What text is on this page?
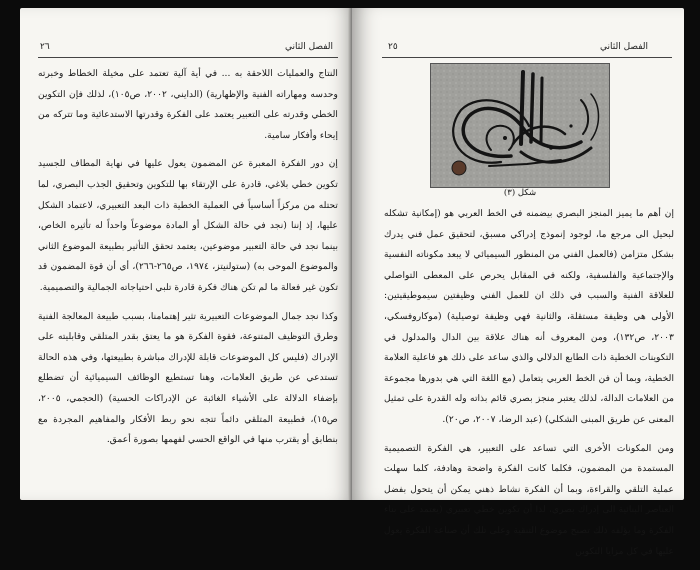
٢٦	الفصل الثاني

النتاج والعمليات اللاحقة به ... في أية آلية تعتمد على مخيلة الخطاط وخبرته وحدسه ومهاراته الفنية والإظهارية) (الدايني، ٢٠٠٢، ص١٠٥)، لذلك فإن التكوين الخطي وقدرته على التعبير يعتمد على الفكرة وقدرتها الاستدعائية وما تتركه من إيحاء وأفكار سامية.

إن دور الفكرة المعبرة عن المضمون يعول عليها في نهاية المطاف للجسيد تكوين خطي بلاغي، قادرة على الإرتقاء بها للتكوين وتحقيق الجذب البصري، لما تحتله من مركزاً أساسياً في العملية الخطية ذات البعد التعبيري، لاعتماد الشكل عليها، إذ إننا (نجد في حالة الشكل أو المادة موضوعاً واحداً له تأثيره الخاص، بينما نجد في حالة التعبير موضوعين، يعتمد تحقق التأثير بطبيعة الموضوع الثاني والموضوع الموحى به) (ستولنيتز، ١٩٧٤، ص٢٦٥-٢٦٦)، أي أن قوة المضمون قد تكون غير فعالة ما لم تكن هناك فكرة قادرة تلبي احتياجاته الجمالية والتصميمية.

وكذا نجد جمال الموضوعات التعبيرية تثير إهتمامنا، بسبب طبيعة المعالجة الفنية وطرق التوظيف المتنوعة، فقوة الفكرة هو ما يعتق بقدر المتلقي وقابليته على الإدراك (فليس كل الموضوعات قابلة للإدراك مباشرة بطبيعتها، وفي هذه الحالة تستدعي عن طريق العلامات، وهنا تستطيع الوظائف السيميائية أن تضطلع بإضفاء الدلالة على الأشياء الغائبة عن الإدراكات الحسية) (الحجمي، ٢٠٠٥، ص١٥)، فطبيعة المتلقي دائماً تتجه نحو ربط الأفكار والمفاهيم المجردة مع بنطابق أو يقترب منها في الواقع الحسي لفهمها بصورة أعمق.

٢٥	الفصل الثاني
شكل (٣)

إن أهم ما يميز المنجز البصري بيضمنه في الخط العربي هو (إمكانية تشكله لبحيل الى مرجع ما، لوجود إنموذج إدراكي مسبق، لتحقيق عمل فني يدرك بشكل متزامن (فالعمل الفني من المنظور السيميائي لا يبعد مكوناته النفسية والإجتماعية والفلسفية، ولكنه في المقابل يحرص على المعطى التواصلي للعلاقة الفنية والسبب في ذلك ان للعمل الفني وظيفتين سيموطيقيتين: الأولى هي وظيفة مستقلة، والثانية فهي وظيفة توصيلية) (موكاروفسكي، ٢٠٠٣، ص١٣٢)، ومن المعروف أنه هناك علاقة بين الدال والمدلول في التكوينات الخطية ذات الطابع الدلالي والذي ساعد على ذلك هو فاعلية العلامة الخطية، وبما أن فن الخط العربي يتعامل (مع اللغة التي هي بدورها مجموعة من العلامات الدالة، لذلك يعتبر منجز بصري قائم بذاته وله القدرة على تمثيل المعنى عن طريق المبنى الشكلي) (عبد الرضا، ٢٠٠٧، ص٢٠).

ومن المكونات الأخرى التي تساعد على التعبير، هي الفكرة التصميمية المستمدة من المضمون، فكلما كانت الفكرة واضحة وهادفة، كلما سهلت عملية التلقي والقراءة، وبما أن الفكرة نشاط ذهني يمكن أن يتحول بفضل العناصر البنائية الى إدراك بصري، لذا أن تكوين خطي تعبيري (يعتمد على بناء الفكرة وما يؤلفه ذلك تصبح موضوع التنقية وعلى تلك أن صناعة الفكرة يعول عليها في كل مزايا التكوين
